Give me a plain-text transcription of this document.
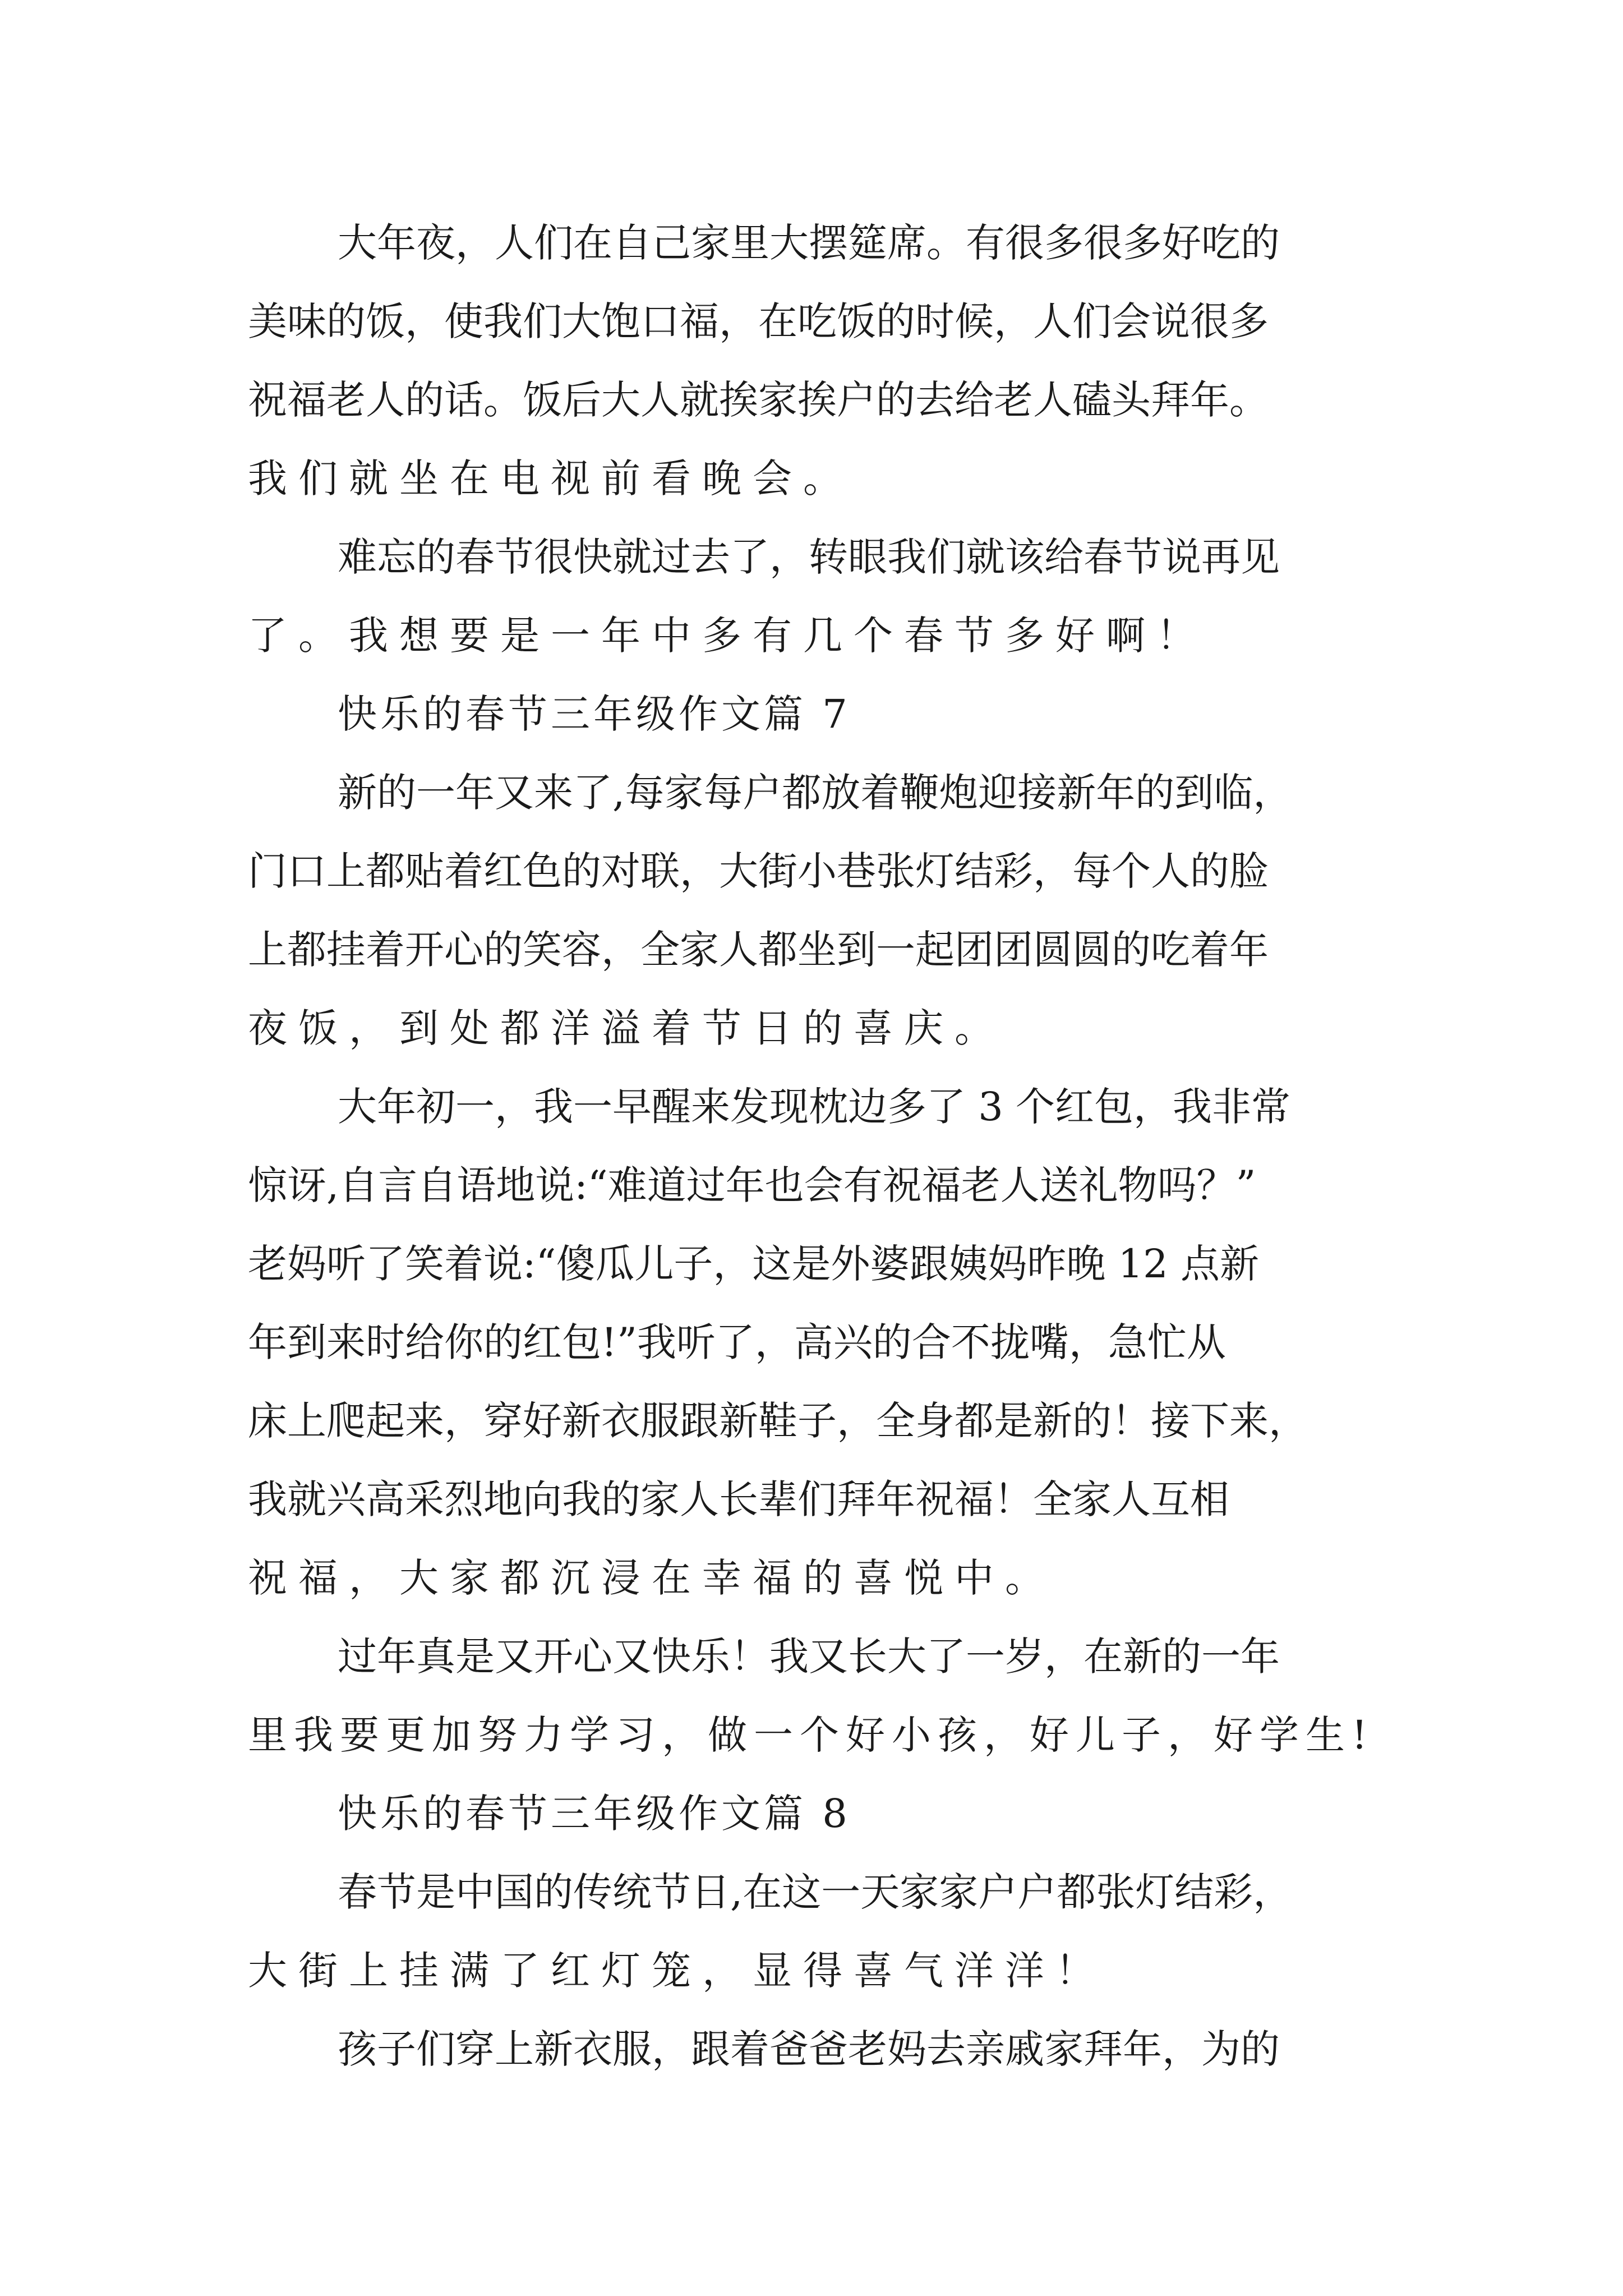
大年夜，人们在自己家里大摆筵席。有很多很多好吃的
美味的饭，使我们大饱口福，在吃饭的时候，人们会说很多
祝福老人的话。饭后大人就挨家挨户的去给老人磕头拜年。
我们就坐在电视前看晚会。
难忘的春节很快就过去了，转眼我们就该给春节说再见
了。我想要是一年中多有几个春节多好啊！
快乐的春节三年级作文篇 7
新的一年又来了,每家每户都放着鞭炮迎接新年的到临，
门口上都贴着红色的对联，大街小巷张灯结彩，每个人的脸
上都挂着开心的笑容，全家人都坐到一起团团圆圆的吃着年
夜饭，到处都洋溢着节日的喜庆。
大年初一，我一早醒来发现枕边多了 3 个红包，我非常
惊讶,自言自语地说:“难道过年也会有祝福老人送礼物吗？”
老妈听了笑着说:“傻瓜儿子，这是外婆跟姨妈昨晚 12 点新
年到来时给你的红包!”我听了，高兴的合不拢嘴，急忙从
床上爬起来，穿好新衣服跟新鞋子，全身都是新的！接下来，
我就兴高采烈地向我的家人长辈们拜年祝福！全家人互相
祝福，大家都沉浸在幸福的喜悦中。
过年真是又开心又快乐！我又长大了一岁，在新的一年
里我要更加努力学习，做一个好小孩，好儿子，好学生!
快乐的春节三年级作文篇 8
春节是中国的传统节日,在这一天家家户户都张灯结彩，
大街上挂满了红灯笼，显得喜气洋洋！
孩子们穿上新衣服，跟着爸爸老妈去亲戚家拜年，为的
